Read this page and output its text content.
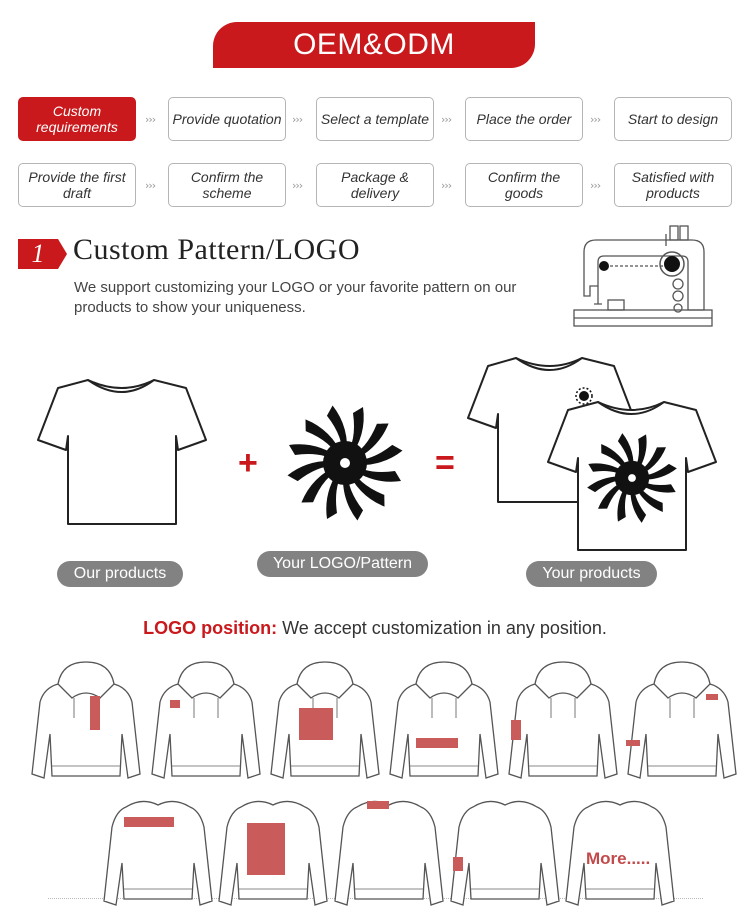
OEM&ODM
Custom requirements	›››	Provide quotation ›››	Select a template	›››	Place the order	›››	Start to design
Provide the first draft	›››
Confirm the scheme	›››
Package & delivery	›››
Confirm the goods	›››
Satisfied with products
1 Custom Pattern/LOGO
We support customizing your LOGO or your favorite pattern on our products to show your uniqueness.
+	=
Our products
Your LOGO/Pattern
Your products
LOGO position: We accept customization in any position.
More.....
